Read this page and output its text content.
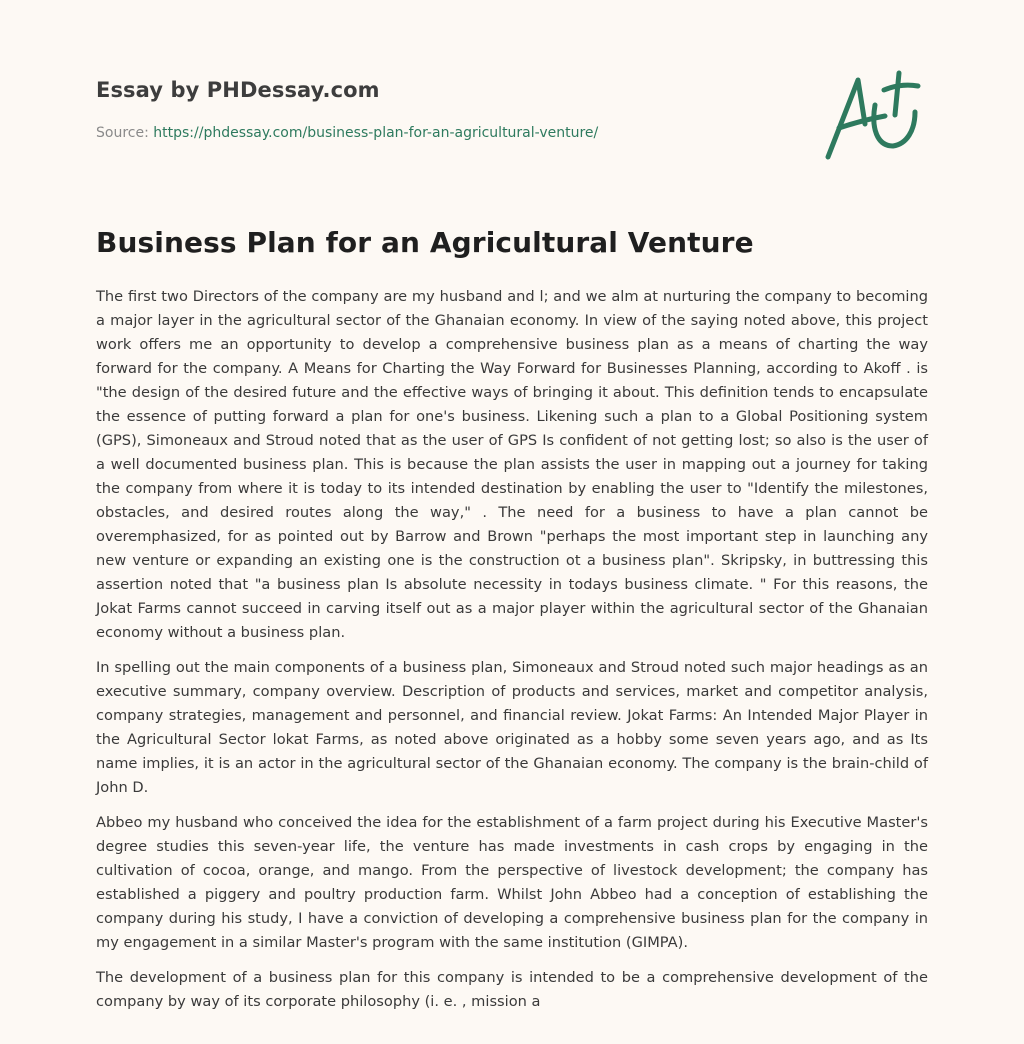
Essay by PHDessay.com
Source: https://phdessay.com/business-plan-for-an-agricultural-venture/
Business Plan for an Agricultural Venture

The first two Directors of the company are my husband and l; and we alm at nurturing the company to becoming a major layer in the agricultural sector of the Ghanaian economy. In view of the saying noted above, this project work offers me an opportunity to develop a comprehensive business plan as a means of charting the way forward for the company. A Means for Charting the Way Forward for Businesses Planning, according to Akoff . is "the design of the desired future and the effective ways of bringing it about. This definition tends to encapsulate the essence of putting forward a plan for one's business. Likening such a plan to a Global Positioning system (GPS), Simoneaux and Stroud noted that as the user of GPS Is confident of not getting lost; so also is the user of a well documented business plan. This is because the plan assists the user in mapping out a journey for taking the company from where it is today to its intended destination by enabling the user to "Identify the milestones, obstacles, and desired routes along the way," . The need for a business to have a plan cannot be overemphasized, for as pointed out by Barrow and Brown "perhaps the most important step in launching any new venture or expanding an existing one is the construction ot a business plan". Skripsky, in buttressing this assertion noted that "a business plan Is absolute necessity in todays business climate. " For this reasons, the Jokat Farms cannot succeed in carving itself out as a major player within the agricultural sector of the Ghanaian economy without a business plan.

In spelling out the main components of a business plan, Simoneaux and Stroud noted such major headings as an executive summary, company overview. Description of products and services, market and competitor analysis, company strategies, management and personnel, and financial review. Jokat Farms: An Intended Major Player in the Agricultural Sector lokat Farms, as noted above originated as a hobby some seven years ago, and as Its name implies, it is an actor in the agricultural sector of the Ghanaian economy. The company is the brain-child of John D.

Abbeo my husband who conceived the idea for the establishment of a farm project during his Executive Master's degree studies this seven-year life, the venture has made investments in cash crops by engaging in the cultivation of cocoa, orange, and mango. From the perspective of livestock development; the company has established a piggery and poultry production farm. Whilst John Abbeo had a conception of establishing the company during his study, I have a conviction of developing a comprehensive business plan for the company in my engagement in a similar Master's program with the same institution (GIMPA).

The development of a business plan for this company is intended to be a comprehensive development of the company by way of its corporate philosophy (i. e. , mission a
